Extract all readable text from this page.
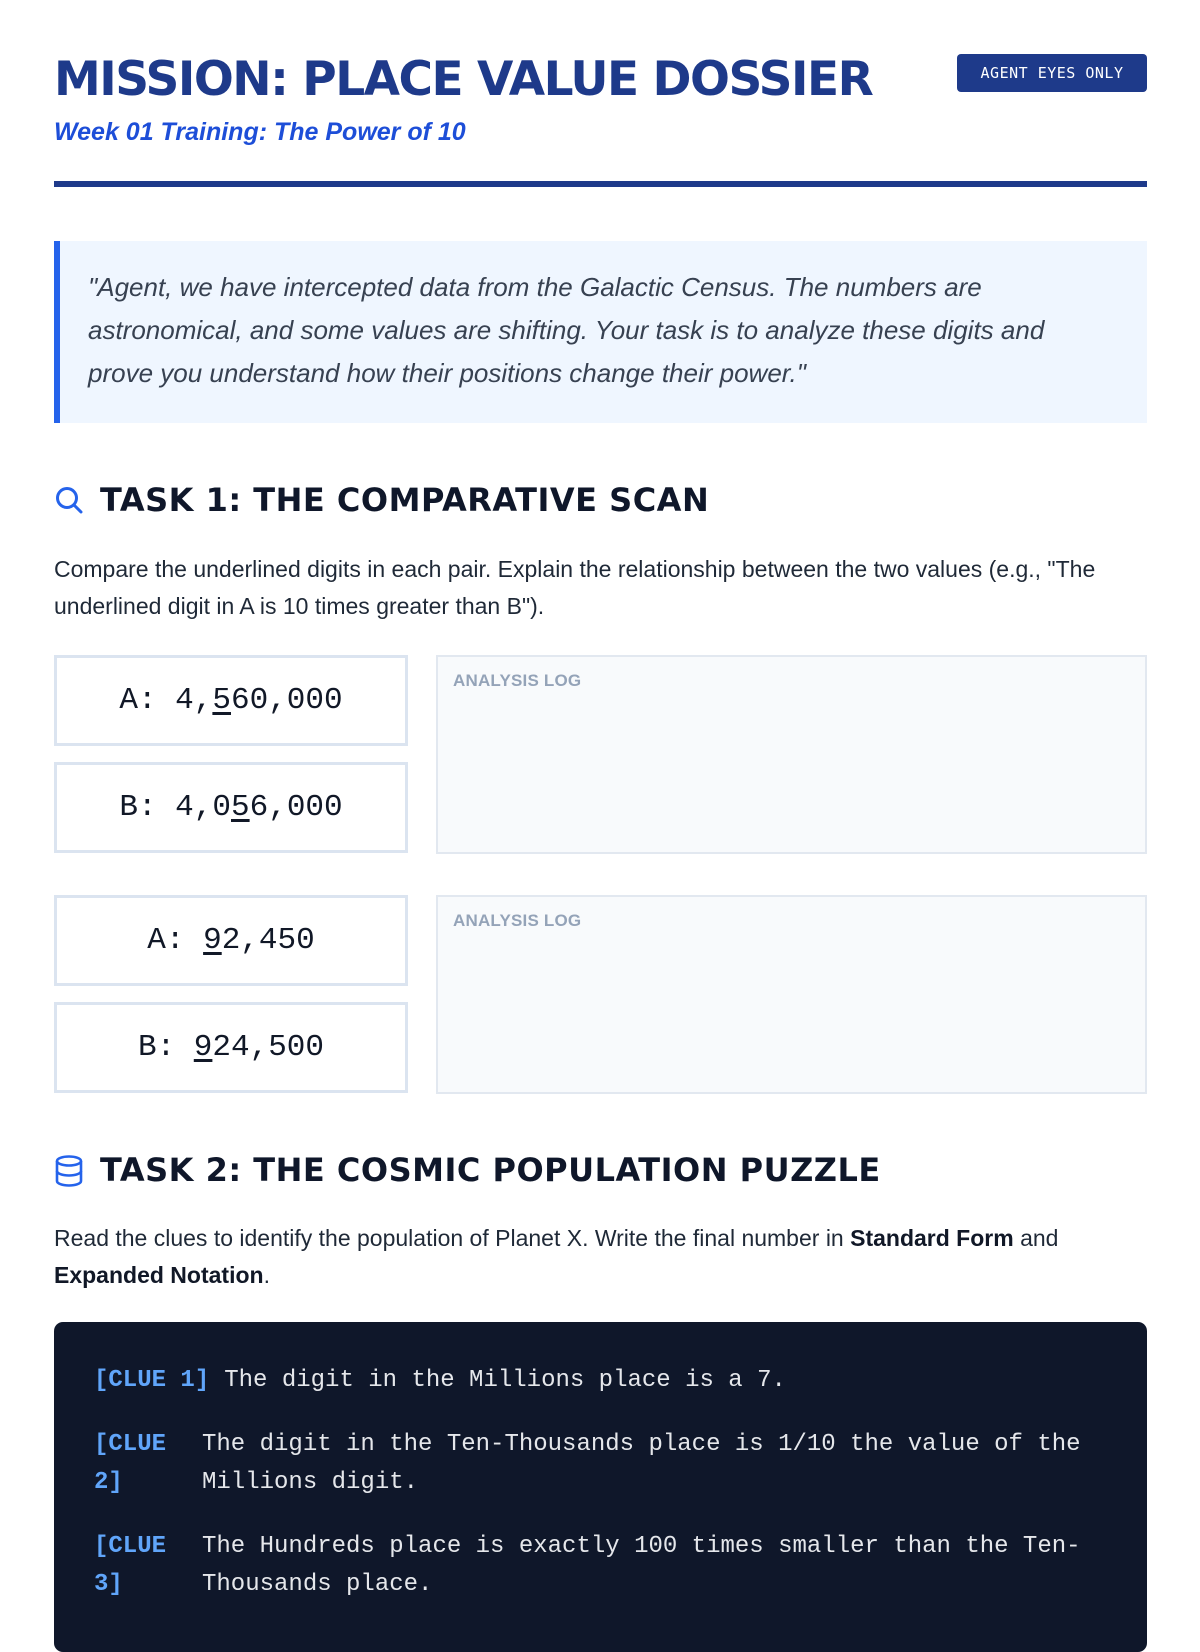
MISSION: PLACE VALUE DOSSIER

Week 01 Training: The Power of 10

AGENT EYES ONLY
"Agent, we have intercepted data from the Galactic Census. The numbers are astronomical, and some values are shifting. Your task is to analyze these digits and prove you understand how their positions change their power."
TASK 1: THE COMPARATIVE SCAN
Compare the underlined digits in each pair. Explain the relationship between the two values (e.g., "The underlined digit in A is 10 times greater than B").
A: 4, 5 60,000
B: 4,0 5 6,000
ANALYSIS LOG
A: 9 2,450
B: 9 24,500
ANALYSIS LOG
TASK 2: THE COSMIC POPULATION PUZZLE
Read the clues to identify the population of Planet X. Write the final number in Standard Form and Expanded Notation.
[CLUE 1] The digit in the Millions place is a 7.
[CLUE 2]
The digit in the Ten-Thousands place is 1/10 the value of the Millions digit.
[CLUE 3]
The Hundreds place is exactly 100 times smaller than the Ten-Thousands place.
